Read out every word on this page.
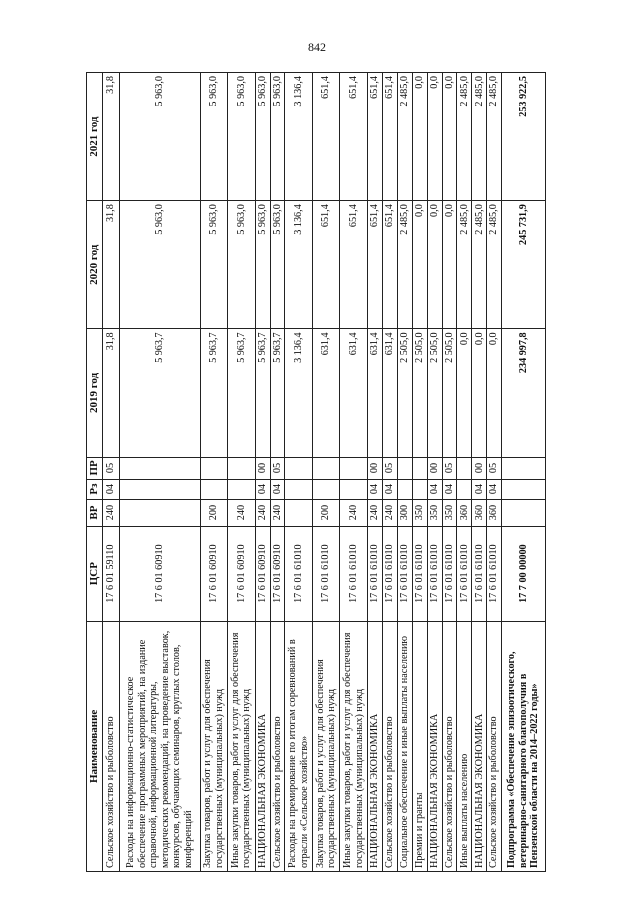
842
Наименование	ЦСР	ВР	Рз	ПР	2019 год	2020 год	2021 год
Сельское хозяйство и рыболовство	17 6 01 59110	240	04	05	31,8	31,8	31,8
Расходы на информационно-статистическое обеспечение программных мероприятий, на издание справочной, информационной литературы, методических рекомендаций, на проведение выставок, конкурсов, обучающих семинаров, круглых столов, конференций	17 6 01 60910				5 963,7	5 963,0	5 963,0
Закупка товаров, работ и услуг для обеспечения государственных (муниципальных) нужд	17 6 01 60910	200			5 963,7	5 963,0	5 963,0
Иные закупки товаров, работ и услуг для обеспечения государственных (муниципальных) нужд	17 6 01 60910	240			5 963,7	5 963,0	5 963,0
НАЦИОНАЛЬНАЯ ЭКОНОМИКА	17 6 01 60910	240	04	00	5 963,7	5 963,0	5 963,0
Сельское хозяйство и рыболовство	17 6 01 60910	240	04	05	5 963,7	5 963,0	5 963,0
Расходы на премирование по итогам соревнований в отрасли «Сельское хозяйство»	17 6 01 61010				3 136,4	3 136,4	3 136,4
Закупка товаров, работ и услуг для обеспечения государственных (муниципальных) нужд	17 6 01 61010	200			631,4	651,4	651,4
Иные закупки товаров, работ и услуг для обеспечения государственных (муниципальных) нужд	17 6 01 61010	240			631,4	651,4	651,4
НАЦИОНАЛЬНАЯ ЭКОНОМИКА	17 6 01 61010	240	04	00	631,4	651,4	651,4
Сельское хозяйство и рыболовство	17 6 01 61010	240	04	05	631,4	651,4	651,4
Социальное обеспечение и иные выплаты населению	17 6 01 61010	300			2 505,0	2 485,0	2 485,0
Премии и гранты	17 6 01 61010	350			2 505,0	0,0	0,0
НАЦИОНАЛЬНАЯ ЭКОНОМИКА	17 6 01 61010	350	04	00	2 505,0	0,0	0,0
Сельское хозяйство и рыболовство	17 6 01 61010	350	04	05	2 505,0	0,0	0,0
Иные выплаты населению	17 6 01 61010	360			0,0	2 485,0	2 485,0
НАЦИОНАЛЬНАЯ ЭКОНОМИКА	17 6 01 61010	360	04	00	0,0	2 485,0	2 485,0
Сельское хозяйство и рыболовство	17 6 01 61010	360	04	05	0,0	2 485,0	2 485,0
Подпрограмма «Обеспечение эпизоотического, ветеринарно-санитарного благополучия в Пензенской области на 2014–2022 годы»	17 7 00 00000				234 997,8	245 731,9	253 922,5
